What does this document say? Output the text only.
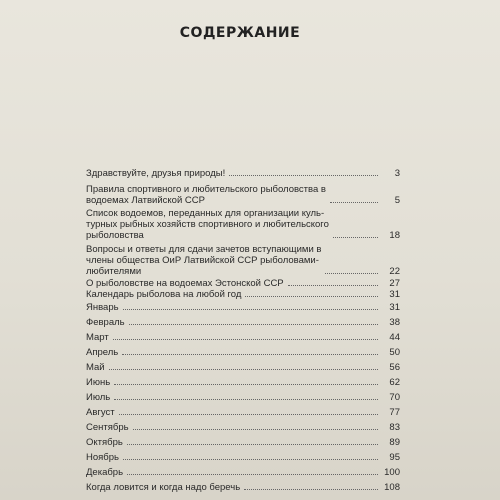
СОДЕРЖАНИЕ
Здравствуйте, друзья природы!	3
Правила спортивного и любительского рыболовства в
водоемах Латвийской ССР	5
Список водоемов, переданных для организации куль-
турных рыбных хозяйств спортивного и любительского
рыболовства	18
Вопросы и ответы для сдачи зачетов вступающими в
члены общества ОиР Латвийской ССР рыболовами-
любителями	22
О рыболовстве на водоемах Эстонской ССР	27
Календарь рыболова на любой год	31
Январь	31
Февраль	38
Март	44
Апрель	50
Май	56
Июнь	62
Июль	70
Август	77
Сентябрь	83
Октябрь	89
Ноябрь	95
Декабрь	100
Когда ловится и когда надо беречь	108
